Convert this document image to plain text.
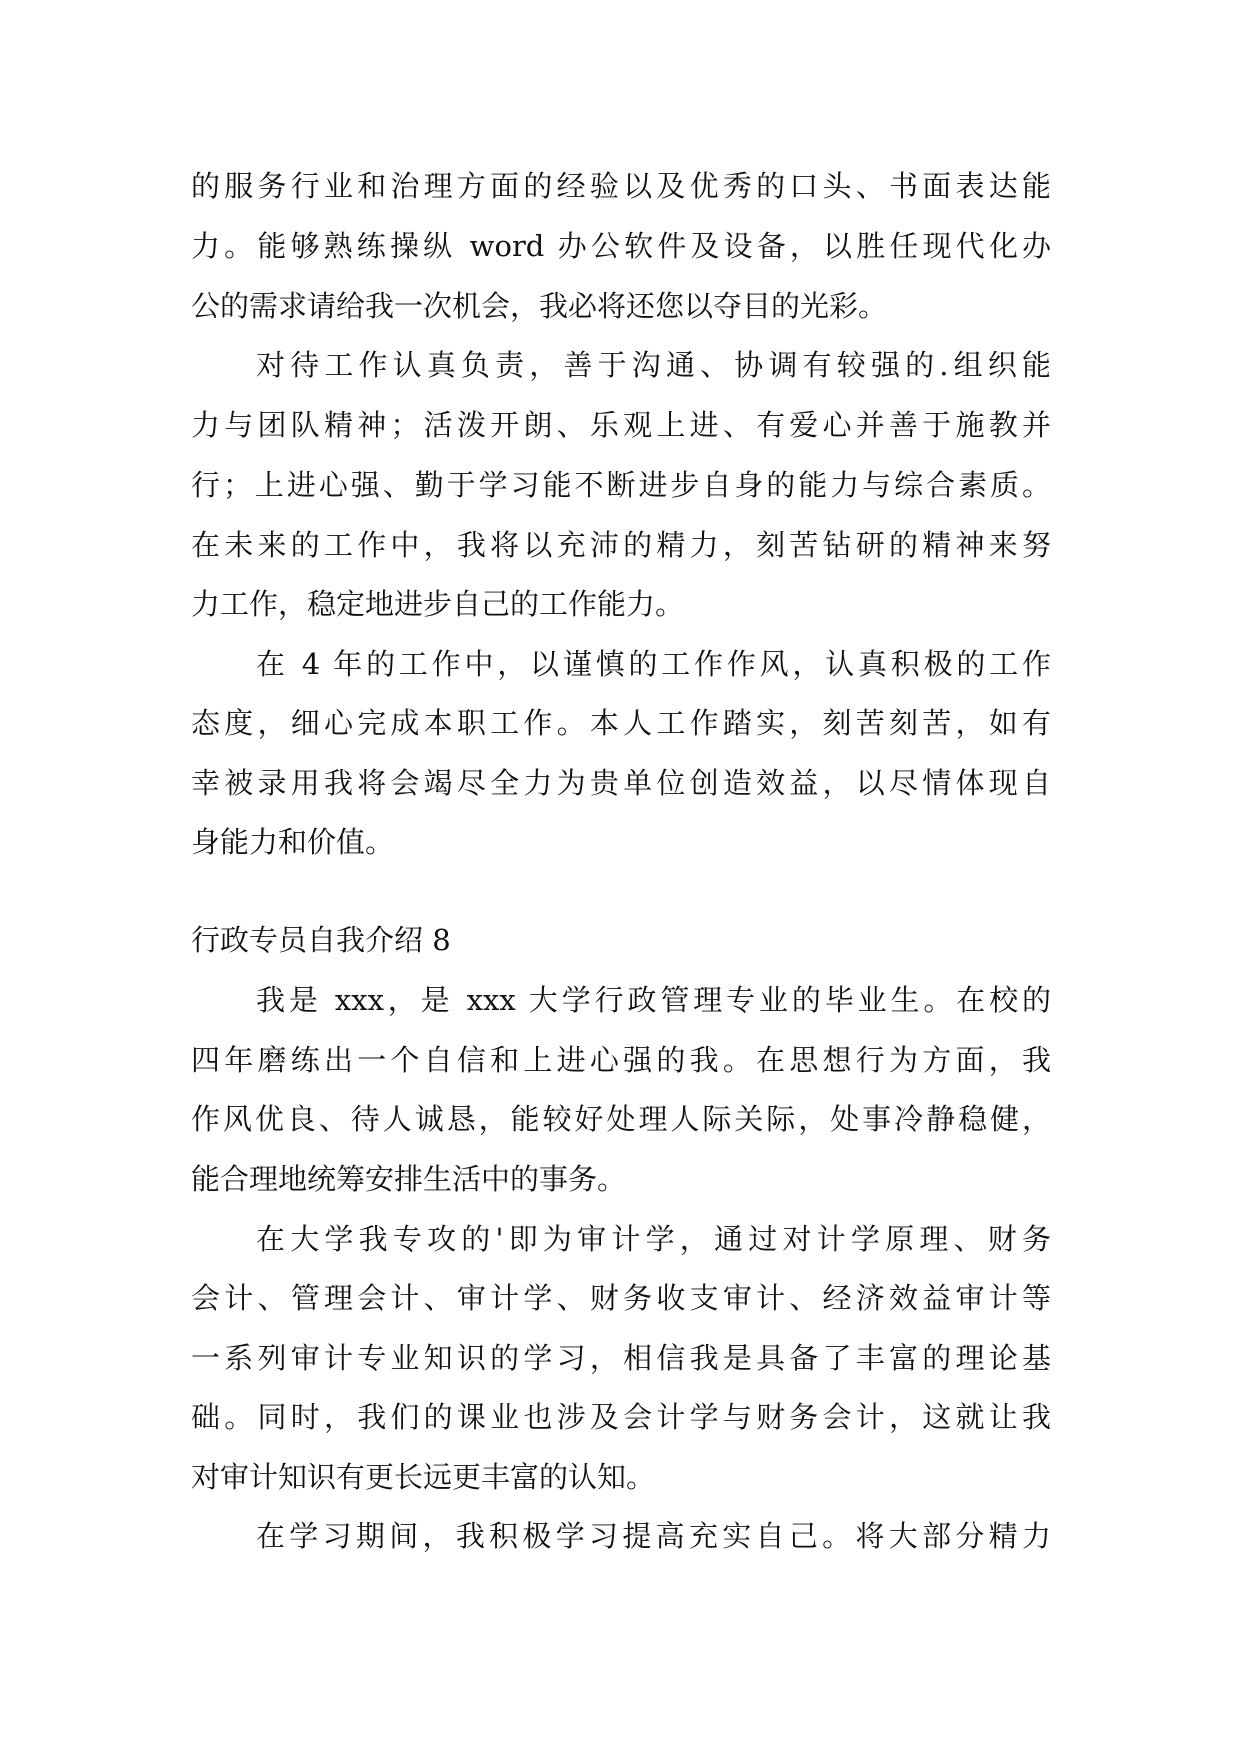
的服务行业和治理方面的经验以及优秀的口头、书面表达能

力。能够熟练操纵 word 办公软件及设备，以胜任现代化办

公的需求请给我一次机会，我必将还您以夺目的光彩。

对待工作认真负责，善于沟通、协调有较强的.组织能

力与团队精神；活泼开朗、乐观上进、有爱心并善于施教并

行；上进心强、勤于学习能不断进步自身的能力与综合素质。

在未来的工作中，我将以充沛的精力，刻苦钻研的精神来努

力工作，稳定地进步自己的工作能力。

在 4 年的工作中，以谨慎的工作作风，认真积极的工作

态度，细心完成本职工作。本人工作踏实，刻苦刻苦，如有

幸被录用我将会竭尽全力为贵单位创造效益，以尽情体现自

身能力和价值。

行政专员自我介绍 8

我是 xxx，是 xxx 大学行政管理专业的毕业生。在校的

四年磨练出一个自信和上进心强的我。在思想行为方面，我

作风优良、待人诚恳，能较好处理人际关际，处事冷静稳健，

能合理地统筹安排生活中的事务。

在大学我专攻的'即为审计学，通过对计学原理、财务

会计、管理会计、审计学、财务收支审计、经济效益审计等

一系列审计专业知识的学习，相信我是具备了丰富的理论基

础。同时，我们的课业也涉及会计学与财务会计，这就让我

对审计知识有更长远更丰富的认知。

在学习期间，我积极学习提高充实自己。将大部分精力
